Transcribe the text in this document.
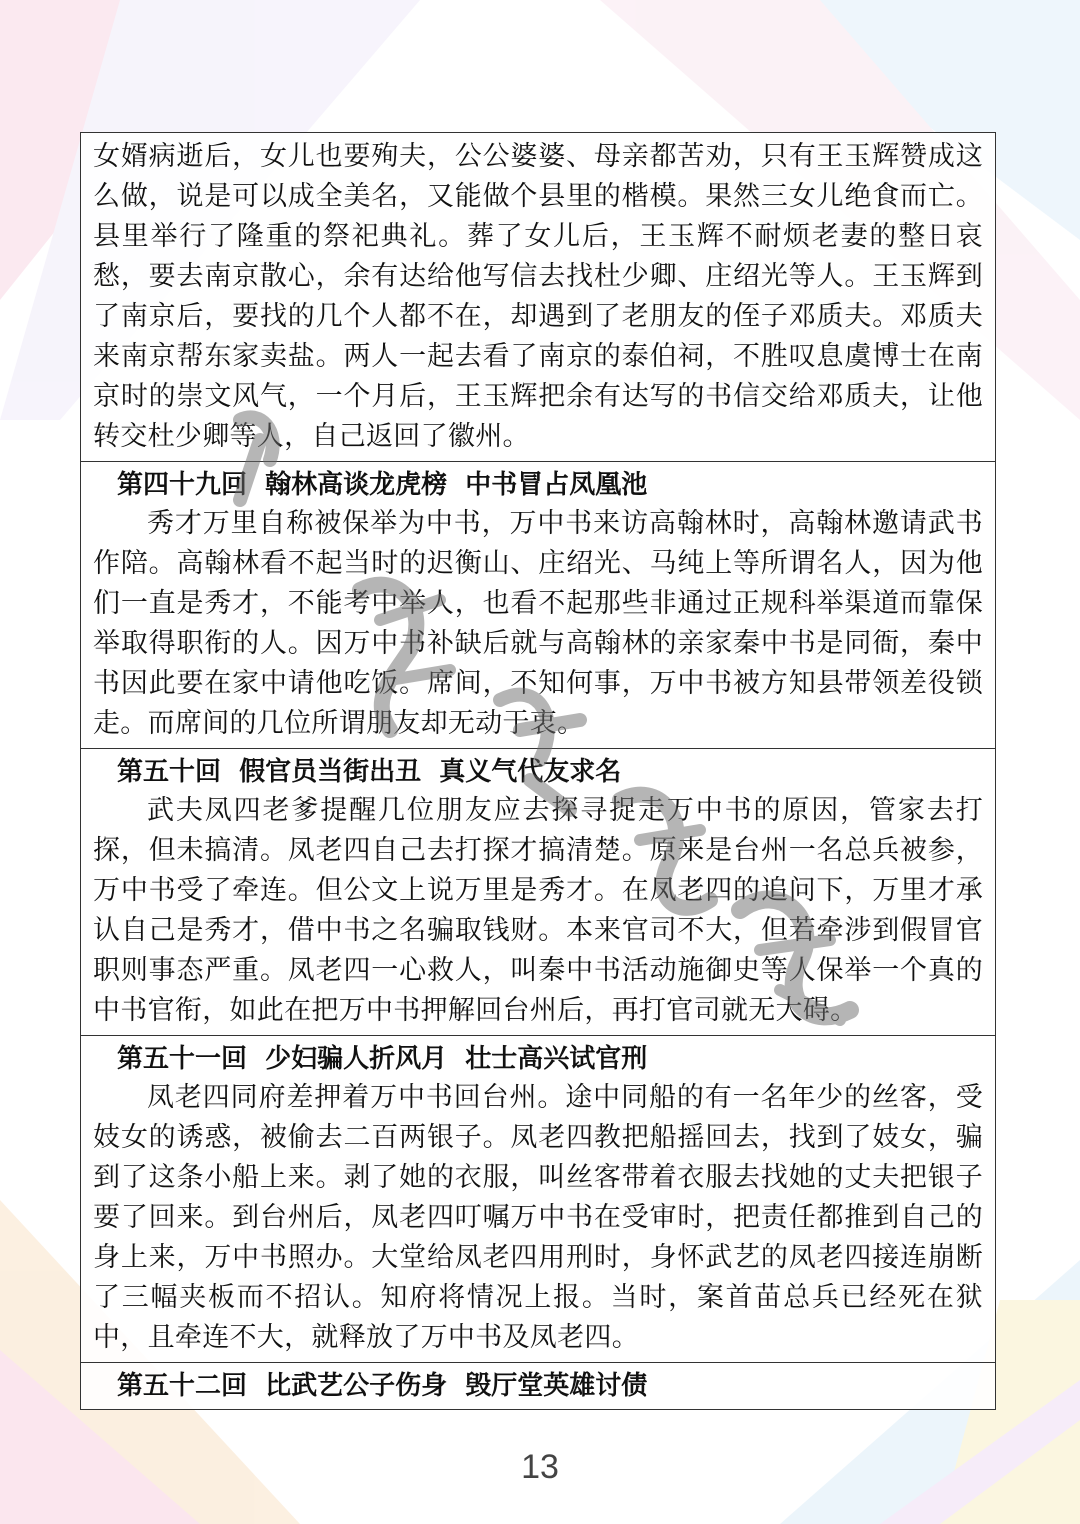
女婿病逝后，女儿也要殉夫，公公婆婆、母亲都苦劝，只有王玉辉赞成这么做，说是可以成全美名，又能做个县里的楷模。果然三女儿绝食而亡。县里举行了隆重的祭祀典礼。葬了女儿后，王玉辉不耐烦老妻的整日哀愁，要去南京散心，余有达给他写信去找杜少卿、庄绍光等人。王玉辉到了南京后，要找的几个人都不在，却遇到了老朋友的侄子邓质夫。邓质夫来南京帮东家卖盐。两人一起去看了南京的泰伯祠，不胜叹息虞博士在南京时的崇文风气，一个月后，王玉辉把余有达写的书信交给邓质夫，让他转交杜少卿等人，自己返回了徽州。

第四十九回  翰林高谈龙虎榜  中书冒占凤凰池

秀才万里自称被保举为中书，万中书来访高翰林时，高翰林邀请武书作陪。高翰林看不起当时的迟衡山、庄绍光、马纯上等所谓名人，因为他们一直是秀才，不能考中举人，也看不起那些非通过正规科举渠道而靠保举取得职衔的人。因万中书补缺后就与高翰林的亲家秦中书是同衙，秦中书因此要在家中请他吃饭。席间，不知何事，万中书被方知县带领差役锁走。而席间的几位所谓朋友却无动于衷。

第五十回  假官员当街出丑  真义气代友求名

武夫凤四老爹提醒几位朋友应去探寻捉走万中书的原因，管家去打探，但未搞清。凤老四自己去打探才搞清楚。原来是台州一名总兵被参，万中书受了牵连。但公文上说万里是秀才。在凤老四的追问下，万里才承认自己是秀才，借中书之名骗取钱财。本来官司不大，但若牵涉到假冒官职则事态严重。凤老四一心救人，叫秦中书活动施御史等人保举一个真的中书官衔，如此在把万中书押解回台州后，再打官司就无大碍。

第五十一回  少妇骗人折风月  壮士高兴试官刑

凤老四同府差押着万中书回台州。途中同船的有一名年少的丝客，受妓女的诱惑，被偷去二百两银子。凤老四教把船摇回去，找到了妓女，骗到了这条小船上来。剥了她的衣服，叫丝客带着衣服去找她的丈夫把银子要了回来。到台州后，凤老四叮嘱万中书在受审时，把责任都推到自己的身上来，万中书照办。大堂给凤老四用刑时，身怀武艺的凤老四接连崩断了三幅夹板而不招认。知府将情况上报。当时，案首苗总兵已经死在狱中，且牵连不大，就释放了万中书及凤老四。

第五十二回  比武艺公子伤身  毁厅堂英雄讨债

13
